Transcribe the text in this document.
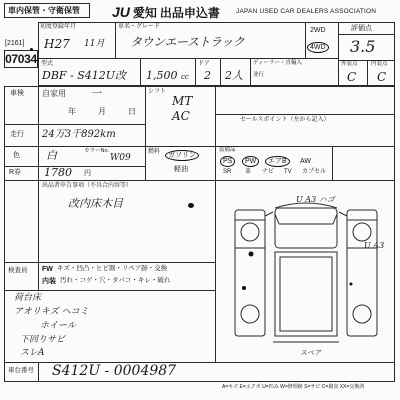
車内保管・守衛保管	JU 愛知 出品申込書 JAPAN USED CAR DEALERS ASSOCIATION
[2161]
07034
初度登録年月
H27 11月
車名・グレード
タウンエーストラック
2WD
4WD
評価点
3.5
外装点 内装点
C C
型式
DBF - S412U改 1,500 cc
ドア
2 2人
ディーラー・直輸入
並行
車検 自家用 一
年	月	日
シフト
MT
AC	セールスポイント（左から記入）
走行 24万3千892km
色 白	カラーNo.
W09
燃料	ガソリン
軽油
装備品
PS	PW	エアB	AW
SR 革 ナビ TV カプセル
R券 1780 円
出品者申告事項（不具合内容等）
改内床木目
検査員 FW キズ・凹凸・ヒビ割・リペア跡・交換
内装 汚れ・コゲ・穴・タバコ・キレ・破れ
荷台床
アオリキズ ヘコミ
ホイール
下回りサビ
スレA
U A3 ハゴ
U A3
スペア
車台番号 S412U - 0004987
A=キズ E=エクボ U=凹み W=修理跡 S=サビ C=腐食 XX=交換済
